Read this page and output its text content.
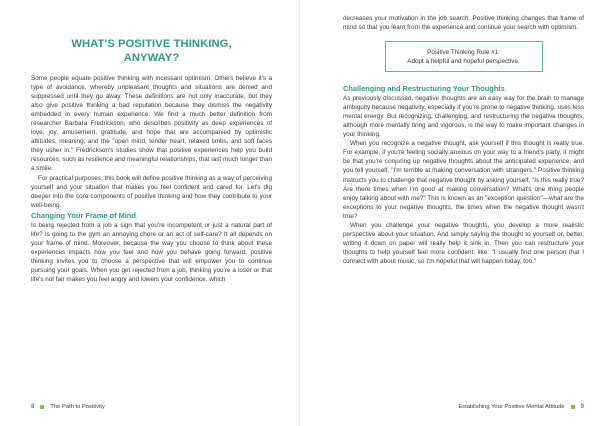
WHAT'S POSITIVE THINKING,
ANYWAY?

Some people equate positive thinking with incessant optimism. Others believe it's a type of avoidance, whereby unpleasant thoughts and situations are denied and suppressed until they go away. These definitions are not only inaccurate, but they also give positive thinking a bad reputation because they dismiss the negativity embedded in every human experience. We find a much better definition from researcher Barbara Fredrickson, who describes positivity as deep experiences of love, joy, amusement, gratitude, and hope that are accompanied by optimistic attitudes, meaning, and the "open mind, tender heart, relaxed limbs, and soft faces they usher in." Fredrickson's studies show that positive experiences help you build resources, such as resilience and meaningful relationships, that last much longer than a smile.

For practical purposes, this book will define positive thinking as a way of perceiving yourself and your situation that makes you feel confident and cared for. Let's dig deeper into the core components of positive thinking and how they contribute to your well-being.

Changing Your Frame of Mind

Is being rejected from a job a sign that you're incompetent or just a natural part of life? Is going to the gym an annoying chore or an act of self-care? It all depends on your frame of mind. Moreover, because the way you choose to think about these experiences impacts how you feel and how you behave going forward, positive thinking invites you to choose a perspective that will empower you to continue pursuing your goals. When you get rejected from a job, thinking you're a loser or that life's not fair makes you feel angry and lowers your confidence, which

8	The Path to Positivity

decreases your motivation in the job search. Positive thinking changes that frame of mind so that you learn from the experience and continue your search with optimism.

Positive Thinking Rule #1:
Adopt a helpful and hopeful perspective.
Challenging and Restructuring Your Thoughts

As previously discussed, negative thoughts are an easy way for the brain to manage ambiguity because negativity, especially if you're prone to negative thinking, uses less mental energy. But recognizing, challenging, and restructuring the negative thoughts, although more mentally tiring and vigorous, is the way to make important changes in your thinking.

When you recognize a negative thought, ask yourself if this thought is really true. For example, if you're feeling socially anxious on your way to a friend's party, it might be that you're conjuring up negative thoughts about the anticipated experience, and you tell yourself, "I'm terrible at making conversation with strangers." Positive thinking instructs you to challenge that negative thought by asking yourself, "Is this really true? Are there times when I'm good at making conversation? What's one thing people enjoy talking about with me?" This is known as an "exception question"—what are the exceptions to your negative thoughts, the times when the negative thought wasn't true?

When you challenge your negative thoughts, you develop a more realistic perspective about your situation. And simply saying the thought to yourself or, better, writing it down on paper will really help it sink in. Then you can restructure your thoughts to help yourself feel more confident, like: "I usually find one person that I connect with about music, so I'm hopeful that will happen today, too."

Establishing Your Positive Mental Attitude	9
